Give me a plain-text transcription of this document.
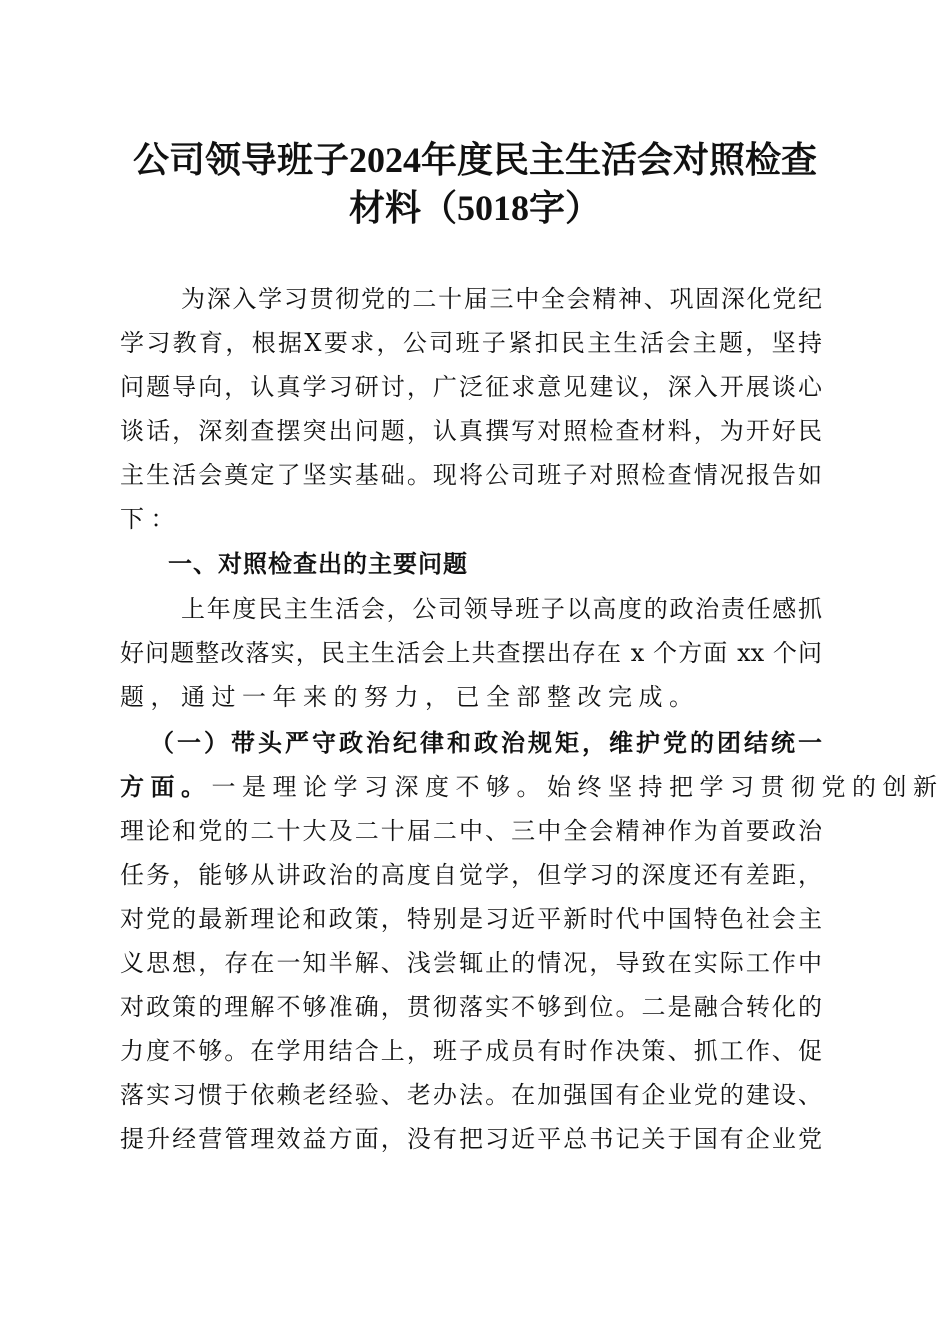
公司领导班子2024年度民主生活会对照检查
材料（5018字）
为深入学习贯彻党的二十届三中全会精神、巩固深化党纪
学习教育，根据X要求，公司班子紧扣民主生活会主题，坚持
问题导向，认真学习研讨，广泛征求意见建议，深入开展谈心
谈话，深刻查摆突出问题，认真撰写对照检查材料，为开好民
主生活会奠定了坚实基础。现将公司班子对照检查情况报告如
下：
一、对照检查出的主要问题
上年度民主生活会，公司领导班子以高度的政治责任感抓
好问题整改落实，民主生活会上共查摆出存在 x 个方面 xx 个问
题，通过一年来的努力，已全部整改完成。
（一）带头严守政治纪律和政治规矩，维护党的团结统一
方面。一是理论学习深度不够。始终坚持把学习贯彻党的创新
理论和党的二十大及二十届二中、三中全会精神作为首要政治
任务，能够从讲政治的高度自觉学，但学习的深度还有差距，
对党的最新理论和政策，特别是习近平新时代中国特色社会主
义思想，存在一知半解、浅尝辄止的情况，导致在实际工作中
对政策的理解不够准确，贯彻落实不够到位。二是融合转化的
力度不够。在学用结合上，班子成员有时作决策、抓工作、促
落实习惯于依赖老经验、老办法。在加强国有企业党的建设、
提升经营管理效益方面，没有把习近平总书记关于国有企业党
